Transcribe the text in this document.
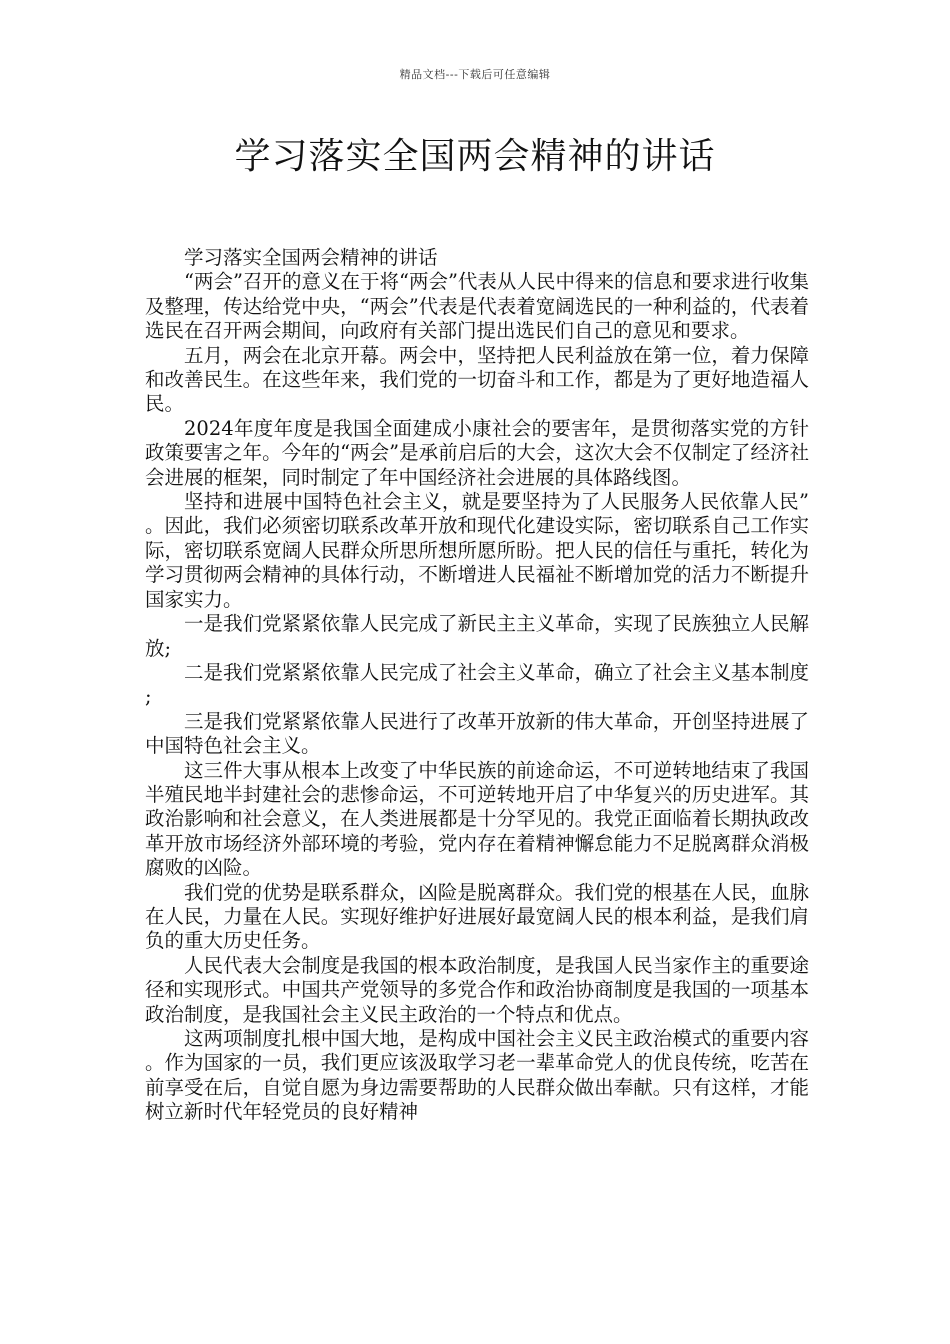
精品文档---下载后可任意编辑
学习落实全国两会精神的讲话

学习落实全国两会精神的讲话

“两会”召开的意义在于将“两会”代表从人民中得来的信息和要求进行收集及整理，传达给党中央，“两会”代表是代表着宽阔选民的一种利益的，代表着选民在召开两会期间，向政府有关部门提出选民们自己的意见和要求。

五月，两会在北京开幕。两会中，坚持把人民利益放在第一位，着力保障和改善民生。在这些年来，我们党的一切奋斗和工作，都是为了更好地造福人民。

2024年度年度是我国全面建成小康社会的要害年，是贯彻落实党的方针政策要害之年。今年的“两会”是承前启后的大会，这次大会不仅制定了经济社会进展的框架，同时制定了年中国经济社会进展的具体路线图。

坚持和进展中国特色社会主义，就是要坚持为了人民服务人民依靠人民”。因此，我们必须密切联系改革开放和现代化建设实际，密切联系自己工作实际，密切联系宽阔人民群众所思所想所愿所盼。把人民的信任与重托，转化为学习贯彻两会精神的具体行动，不断增进人民福祉不断增加党的活力不断提升国家实力。

一是我们党紧紧依靠人民完成了新民主主义革命，实现了民族独立人民解放;

二是我们党紧紧依靠人民完成了社会主义革命，确立了社会主义基本制度;

三是我们党紧紧依靠人民进行了改革开放新的伟大革命，开创坚持进展了中国特色社会主义。

这三件大事从根本上改变了中华民族的前途命运，不可逆转地结束了我国半殖民地半封建社会的悲惨命运，不可逆转地开启了中华复兴的历史进军。其政治影响和社会意义，在人类进展都是十分罕见的。我党正面临着长期执政改革开放市场经济外部环境的考验，党内存在着精神懈怠能力不足脱离群众消极腐败的凶险。

我们党的优势是联系群众，凶险是脱离群众。我们党的根基在人民，血脉在人民，力量在人民。实现好维护好进展好最宽阔人民的根本利益，是我们肩负的重大历史任务。

人民代表大会制度是我国的根本政治制度，是我国人民当家作主的重要途径和实现形式。中国共产党领导的多党合作和政治协商制度是我国的一项基本政治制度，是我国社会主义民主政治的一个特点和优点。

这两项制度扎根中国大地，是构成中国社会主义民主政治模式的重要内容。作为国家的一员，我们更应该汲取学习老一辈革命党人的优良传统，吃苦在前享受在后，自觉自愿为身边需要帮助的人民群众做出奉献。只有这样，才能树立新时代年轻党员的良好精神
